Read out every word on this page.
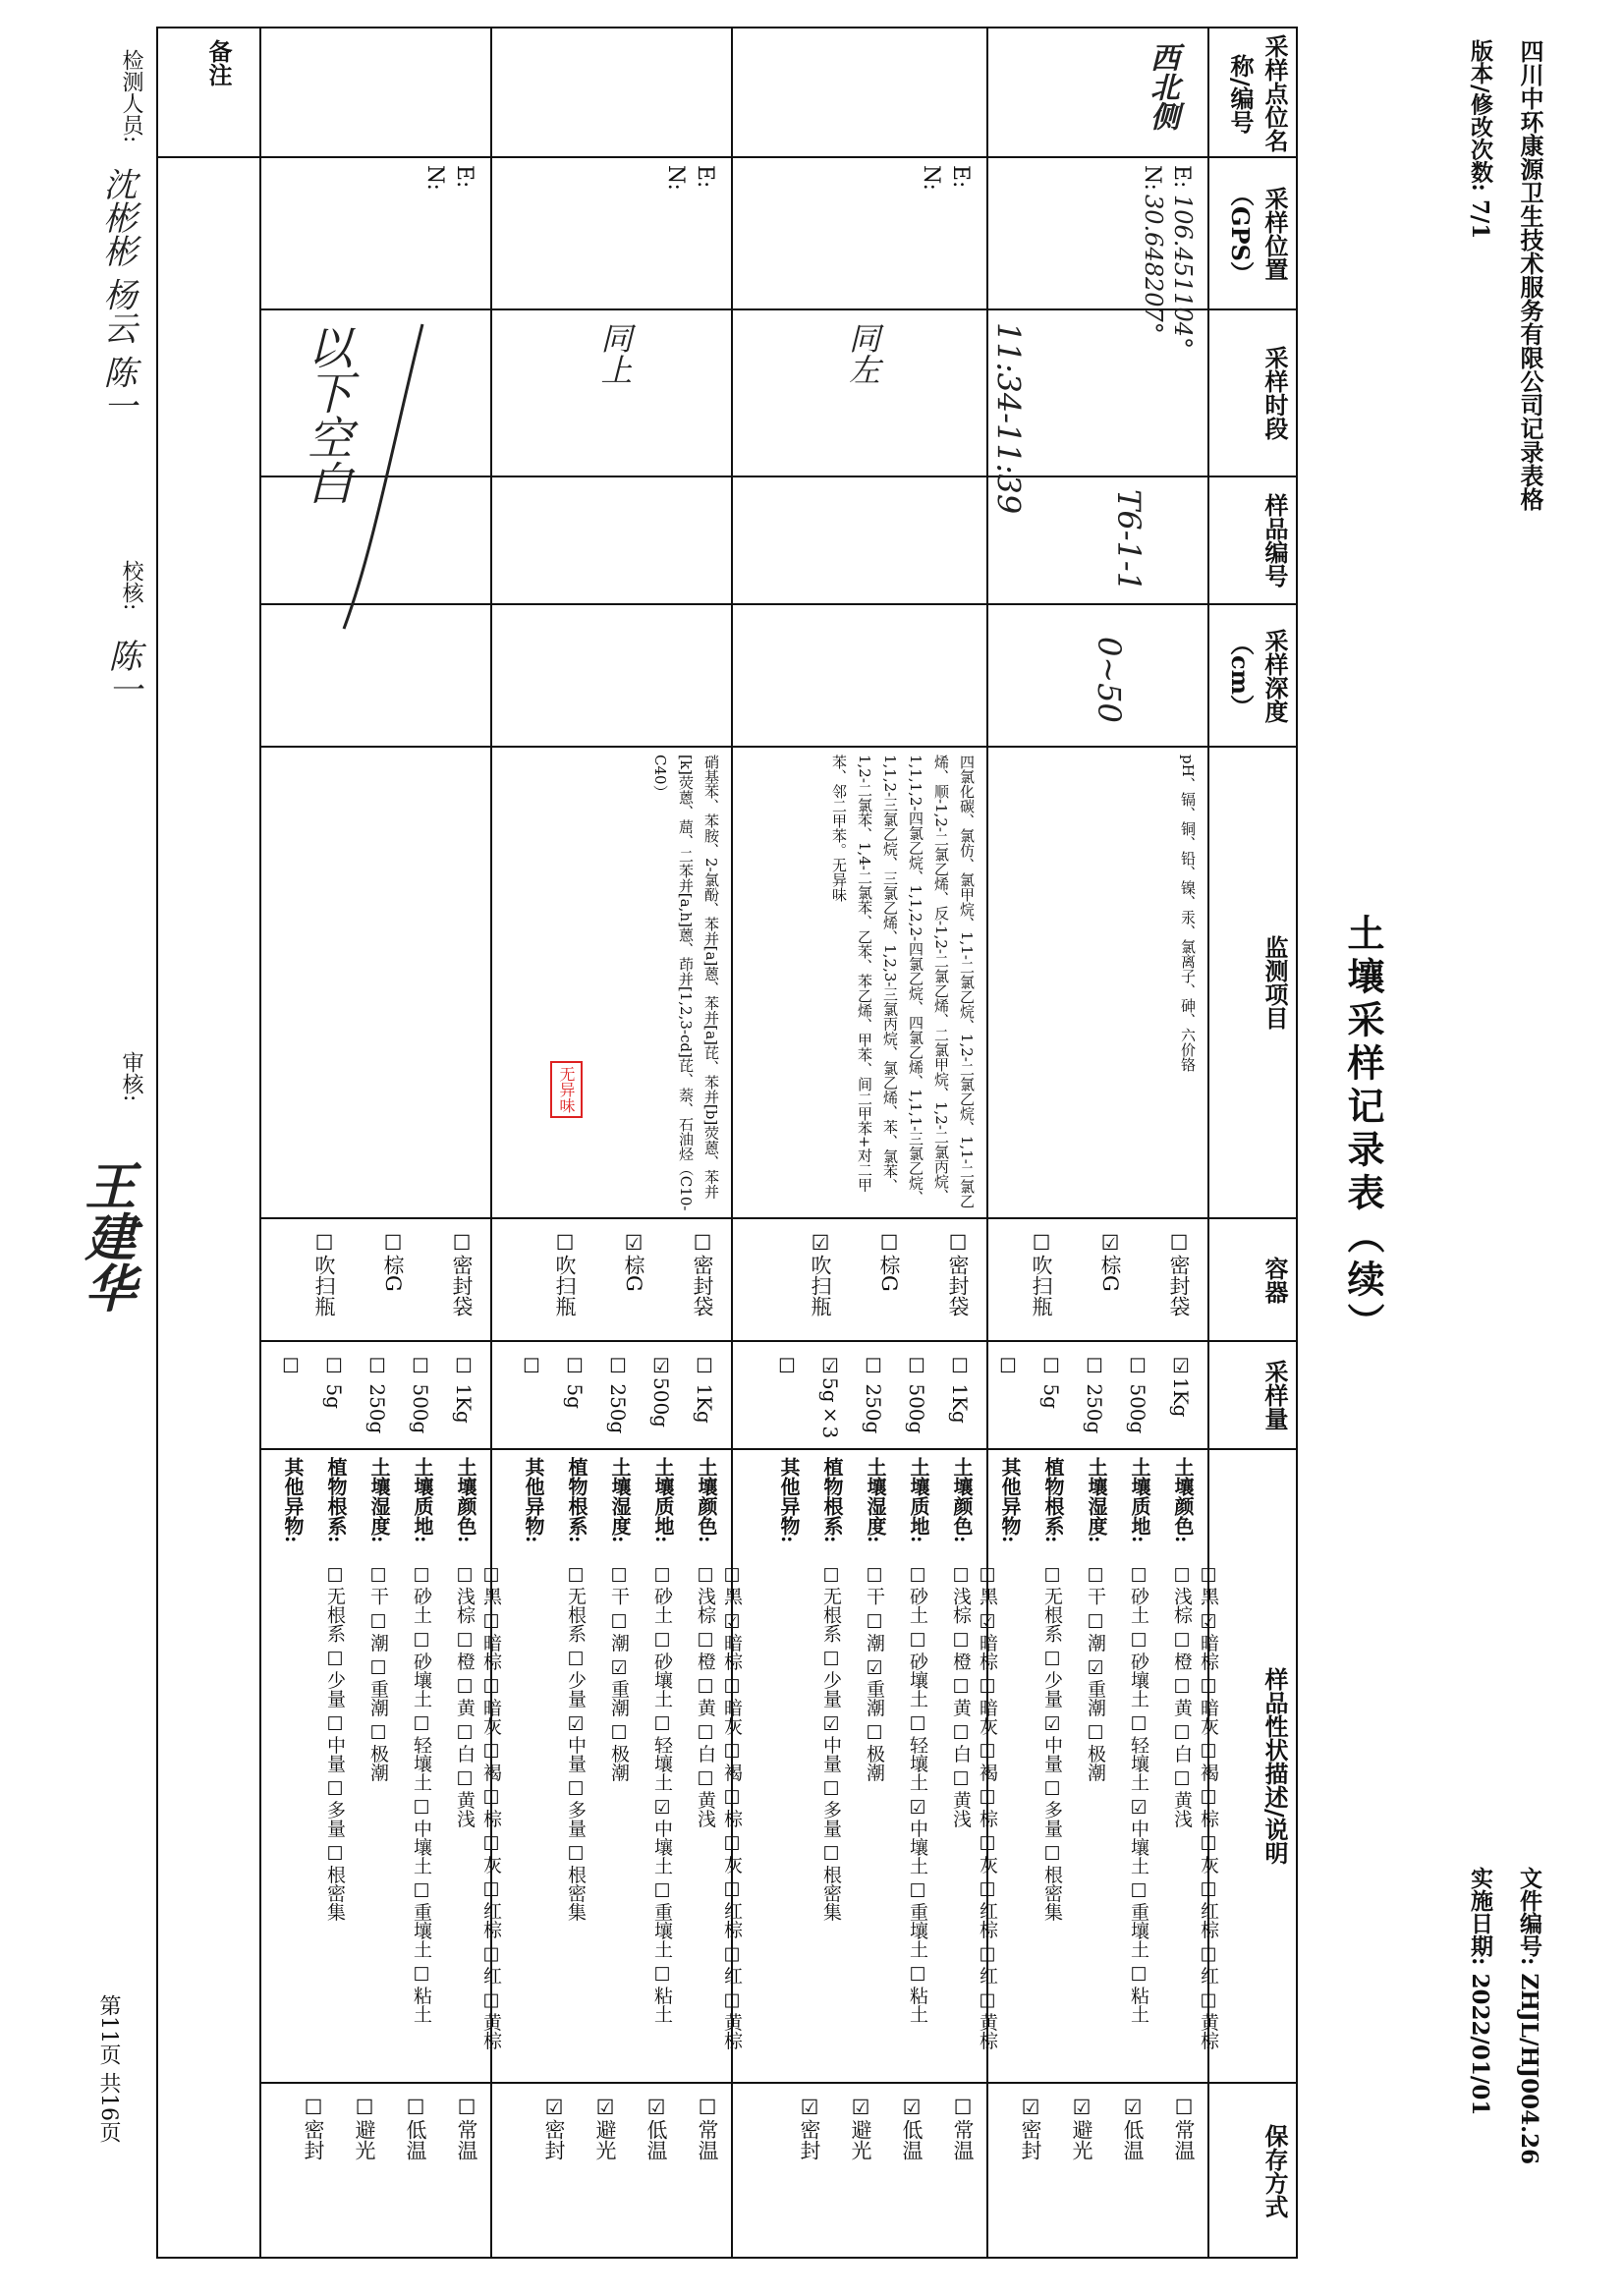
四川中环康源卫生技术服务有限公司记录表格
版本/修改次数: 7/1
文件编号: ZHJL/HJ004.26
实施日期: 2022/01/01
土壤采样记录表（续）
采样点位名称/编号
采样位置（GPS）
采样时段
样品编号
采样深度（cm）
监测项目
容器
采样量
样品性状描述/说明
保存方式
西北侧
E:
N:
106.451104°
30.648207°
11:34-11:39
T6-1-1
0~50
pH、镉、铜、铅、镍、汞、氯离子、砷、六价铬
☐密封袋
☑棕G
☐吹扫瓶
☑1Kg
☐ 500g
☐ 250g
☐ 5g
☐
土壤颜色:
☐黑 ☑暗棕 ☐暗灰 ☐褐 ☐棕 ☐灰 ☐红棕 ☐红 ☐黄棕 ☐浅棕 ☐橙 ☐黄 ☐白 ☐黄浅
土壤质地:
☐砂土 ☐砂壤土 ☐轻壤土 ☑中壤土 ☐重壤土 ☐粘土
土壤湿度:
☐干 ☐潮 ☑重潮 ☐极潮
植物根系:
☐无根系 ☐少量 ☑中量 ☐多量 ☐根密集
其他异物:
☐常温
☑低温
☑避光
☑密封
E:
N:
同左
四氯化碳、氯仿、氯甲烷、1,1-二氯乙烷、1,2-二氯乙烷、1,1-二氯乙烯、顺-1,2-二氯乙烯、反-1,2-二氯乙烯、二氯甲烷、1,2-二氯丙烷、1,1,1,2-四氯乙烷、1,1,2,2-四氯乙烷、四氯乙烯、1,1,1-三氯乙烷、1,1,2-三氯乙烷、三氯乙烯、1,2,3-三氯丙烷、氯乙烯、苯、氯苯、1,2-二氯苯、1,4-二氯苯、乙苯、苯乙烯、甲苯、间二甲苯+对二甲苯、邻二甲苯。无异味
☐密封袋
☐棕G
☑吹扫瓶
☐ 1Kg
☐ 500g
☐ 250g
☑5g×3
☐
土壤颜色:
☐黑 ☑暗棕 ☐暗灰 ☐褐 ☐棕 ☐灰 ☐红棕 ☐红 ☐黄棕 ☐浅棕 ☐橙 ☐黄 ☐白 ☐黄浅
土壤质地:
☐砂土 ☐砂壤土 ☐轻壤土 ☑中壤土 ☐重壤土 ☐粘土
土壤湿度:
☐干 ☐潮 ☑重潮 ☐极潮
植物根系:
☐无根系 ☐少量 ☑中量 ☐多量 ☐根密集
其他异物:
☐常温
☑低温
☑避光
☑密封
E:
N:
同上
硝基苯、苯胺、2-氯酚、苯并[a]蒽、苯并[a]芘、苯并[b]荧蒽、苯并[k]荧蒽、䓛、二苯并[a,h]蒽、茚并[1,2,3-cd]芘、萘、石油烃（C10-C40）
☐密封袋
☑棕G
☐吹扫瓶
☐ 1Kg
☑500g
☐ 250g
☐ 5g
☐
土壤颜色:
☐黑 ☑暗棕 ☐暗灰 ☐褐 ☐棕 ☐灰 ☐红棕 ☐红 ☐黄棕 ☐浅棕 ☐橙 ☐黄 ☐白 ☐黄浅
土壤质地:
☐砂土 ☐砂壤土 ☐轻壤土 ☑中壤土 ☐重壤土 ☐粘土
土壤湿度:
☐干 ☐潮 ☑重潮 ☐极潮
植物根系:
☐无根系 ☐少量 ☑中量 ☐多量 ☐根密集
其他异物:
☐常温
☑低温
☑避光
☑密封
E:
N:
☐密封袋
☐棕G
☐吹扫瓶
☐ 1Kg
☐ 500g
☐ 250g
☐ 5g
☐
土壤颜色:
☐黑 ☐暗棕 ☐暗灰 ☐褐 ☐棕 ☐灰 ☐红棕 ☐红 ☐黄棕 ☐浅棕 ☐橙 ☐黄 ☐白 ☐黄浅
土壤质地:
☐砂土 ☐砂壤土 ☐轻壤土 ☐中壤土 ☐重壤土 ☐粘土
土壤湿度:
☐干 ☐潮 ☐重潮 ☐极潮
植物根系:
☐无根系 ☐少量 ☐中量 ☐多量 ☐根密集
其他异物:
☐常温
☐低温
☐避光
☐密封
备注
检测人员:
沈彬彬 杨云 陈一
校核:
陈一
审核:
王建华
第11页 共16页
以下空白
无异味
